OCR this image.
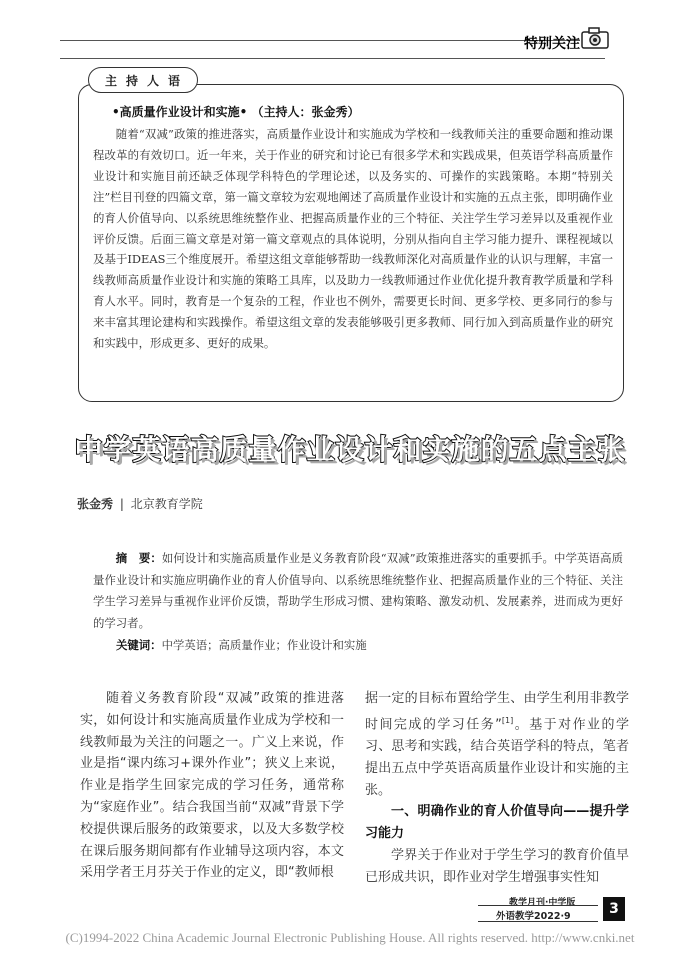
特别关注
主持人语
•高质量作业设计和实施• （主持人：张金秀）

随着“双减”政策的推进落实，高质量作业设计和实施成为学校和一线教师关注的重要命题和推动课程改革的有效切口。近一年来，关于作业的研究和讨论已有很多学术和实践成果，但英语学科高质量作业设计和实施目前还缺乏体现学科特色的学理论述，以及务实的、可操作的实践策略。本期“特别关注”栏目刊登的四篇文章，第一篇文章较为宏观地阐述了高质量作业设计和实施的五点主张，即明确作业的育人价值导向、以系统思维统整作业、把握高质量作业的三个特征、关注学生学习差异以及重视作业评价反馈。后面三篇文章是对第一篇文章观点的具体说明，分别从指向自主学习能力提升、课程视域以及基于IDEAS三个维度展开。希望这组文章能够帮助一线教师深化对高质量作业的认识与理解，丰富一线教师高质量作业设计和实施的策略工具库，以及助力一线教师通过作业优化提升教育教学质量和学科育人水平。同时，教育是一个复杂的工程，作业也不例外，需要更长时间、更多学校、更多同行的参与来丰富其理论建构和实践操作。希望这组文章的发表能够吸引更多教师、同行加入到高质量作业的研究和实践中，形成更多、更好的成果。

中学英语高质量作业设计和实施的五点主张
张金秀 | 北京教育学院

摘　要：如何设计和实施高质量作业是义务教育阶段“双减”政策推进落实的重要抓手。中学英语高质量作业设计和实施应明确作业的育人价值导向、以系统思维统整作业、把握高质量作业的三个特征、关注学生学习差异与重视作业评价反馈，帮助学生形成习惯、建构策略、激发动机、发展素养，进而成为更好的学习者。

关键词：中学英语；高质量作业；作业设计和实施

随着义务教育阶段“双减”政策的推进落实，如何设计和实施高质量作业成为学校和一线教师最为关注的问题之一。广义上来说，作业是指“课内练习+课外作业”；狭义上来说，作业是指学生回家完成的学习任务，通常称为“家庭作业”。结合我国当前“双减”背景下学校提供课后服务的政策要求，以及大多数学校在课后服务期间都有作业辅导这项内容，本文采用学者王月芬关于作业的定义，即“教师根

据一定的目标布置给学生、由学生利用非教学时间完成的学习任务”[1]。基于对作业的学习、思考和实践，结合英语学科的特点，笔者提出五点中学英语高质量作业设计和实施的主张。

一、明确作业的育人价值导向——提升学习能力

学界关于作业对于学生学习的教育价值早已形成共识，即作业对学生增强事实性知

教学月刊·中学版
外语教学2022·9	3
(C)1994-2022 China Academic Journal Electronic Publishing House. All rights reserved. http://www.cnki.net
